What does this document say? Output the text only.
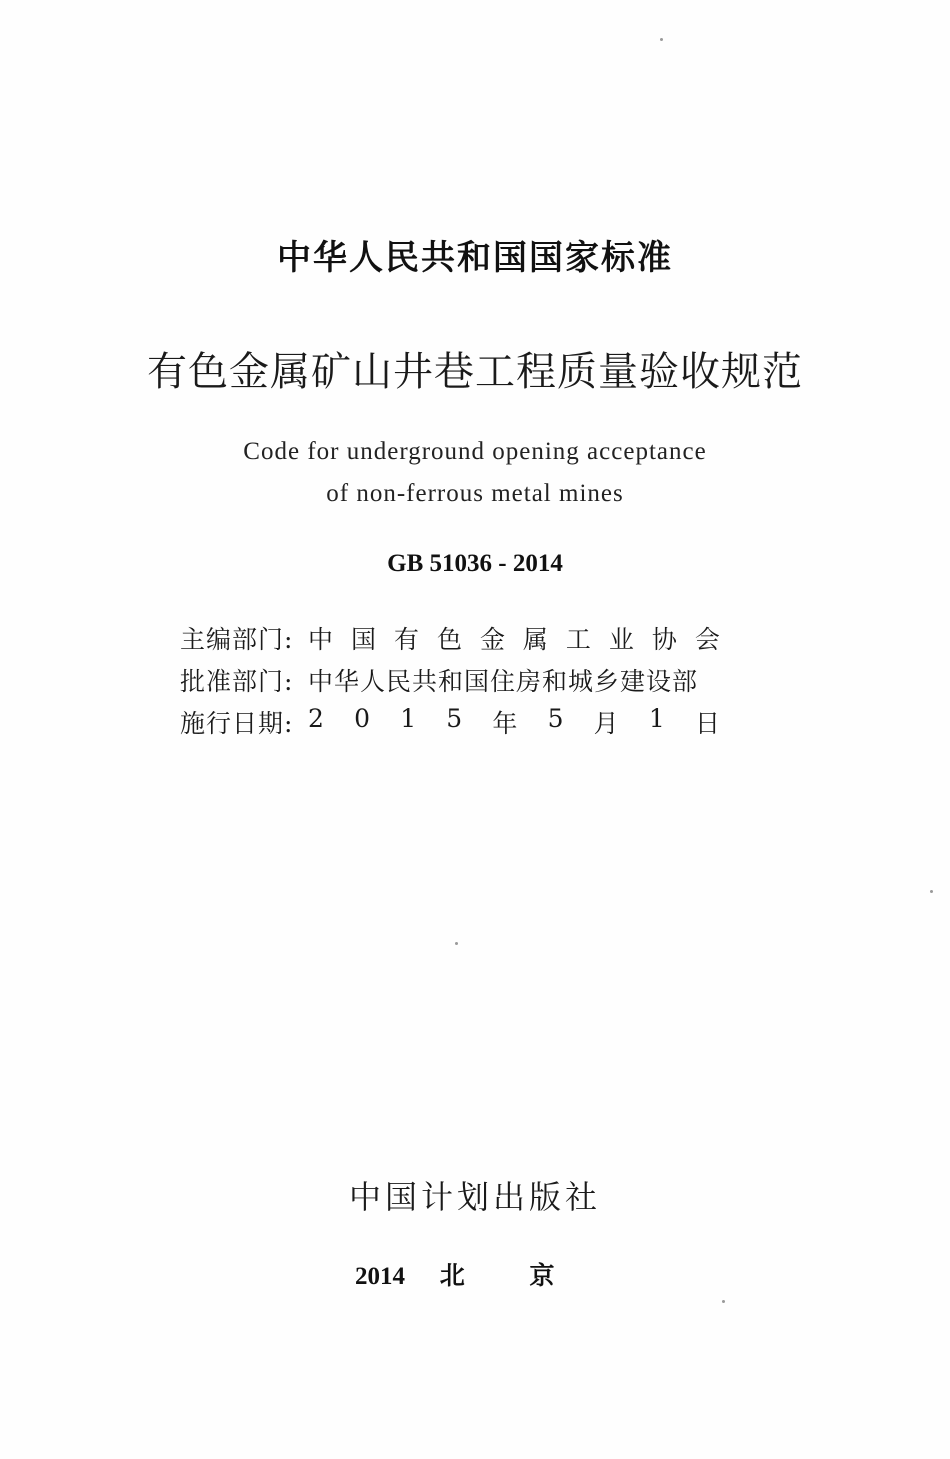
中华人民共和国国家标准
有色金属矿山井巷工程质量验收规范
Code for underground opening acceptance
of non-ferrous metal mines
GB 51036 - 2014
主编部门: 中 国 有 色 金 属 工 业 协 会
批准部门: 中华人民共和国住房和城乡建设部
施行日期: 2 0 1 5 年 5 月 1 日
中国计划出版社
2014 北	京
